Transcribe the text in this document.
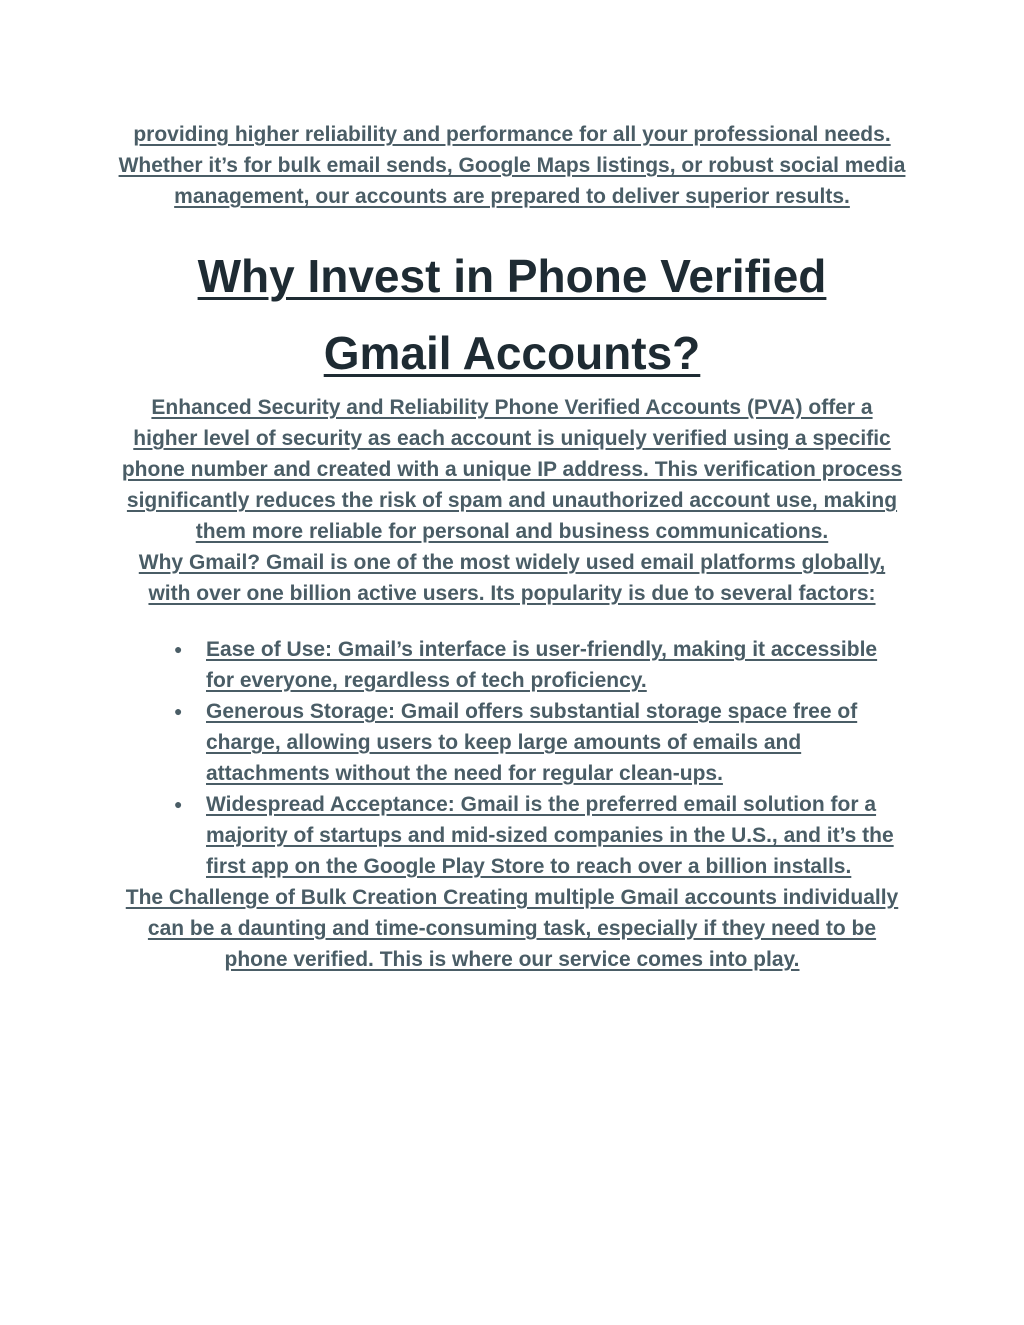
providing higher reliability and performance for all your professional needs. Whether it’s for bulk email sends, Google Maps listings, or robust social media management, our accounts are prepared to deliver superior results.

Why Invest in Phone Verified
Gmail Accounts?

Enhanced Security and Reliability Phone Verified Accounts (PVA) offer a higher level of security as each account is uniquely verified using a specific phone number and created with a unique IP address. This verification process significantly reduces the risk of spam and unauthorized account use, making them more reliable for personal and business communications.

Why Gmail? Gmail is one of the most widely used email platforms globally, with over one billion active users. Its popularity is due to several factors:

● Ease of Use: Gmail’s interface is user-friendly, making it accessible for everyone, regardless of tech proficiency.
● Generous Storage: Gmail offers substantial storage space free of charge, allowing users to keep large amounts of emails and attachments without the need for regular clean-ups.
● Widespread Acceptance: Gmail is the preferred email solution for a majority of startups and mid-sized companies in the U.S., and it’s the first app on the Google Play Store to reach over a billion installs.

The Challenge of Bulk Creation Creating multiple Gmail accounts individually can be a daunting and time-consuming task, especially if they need to be phone verified. This is where our service comes into play.
